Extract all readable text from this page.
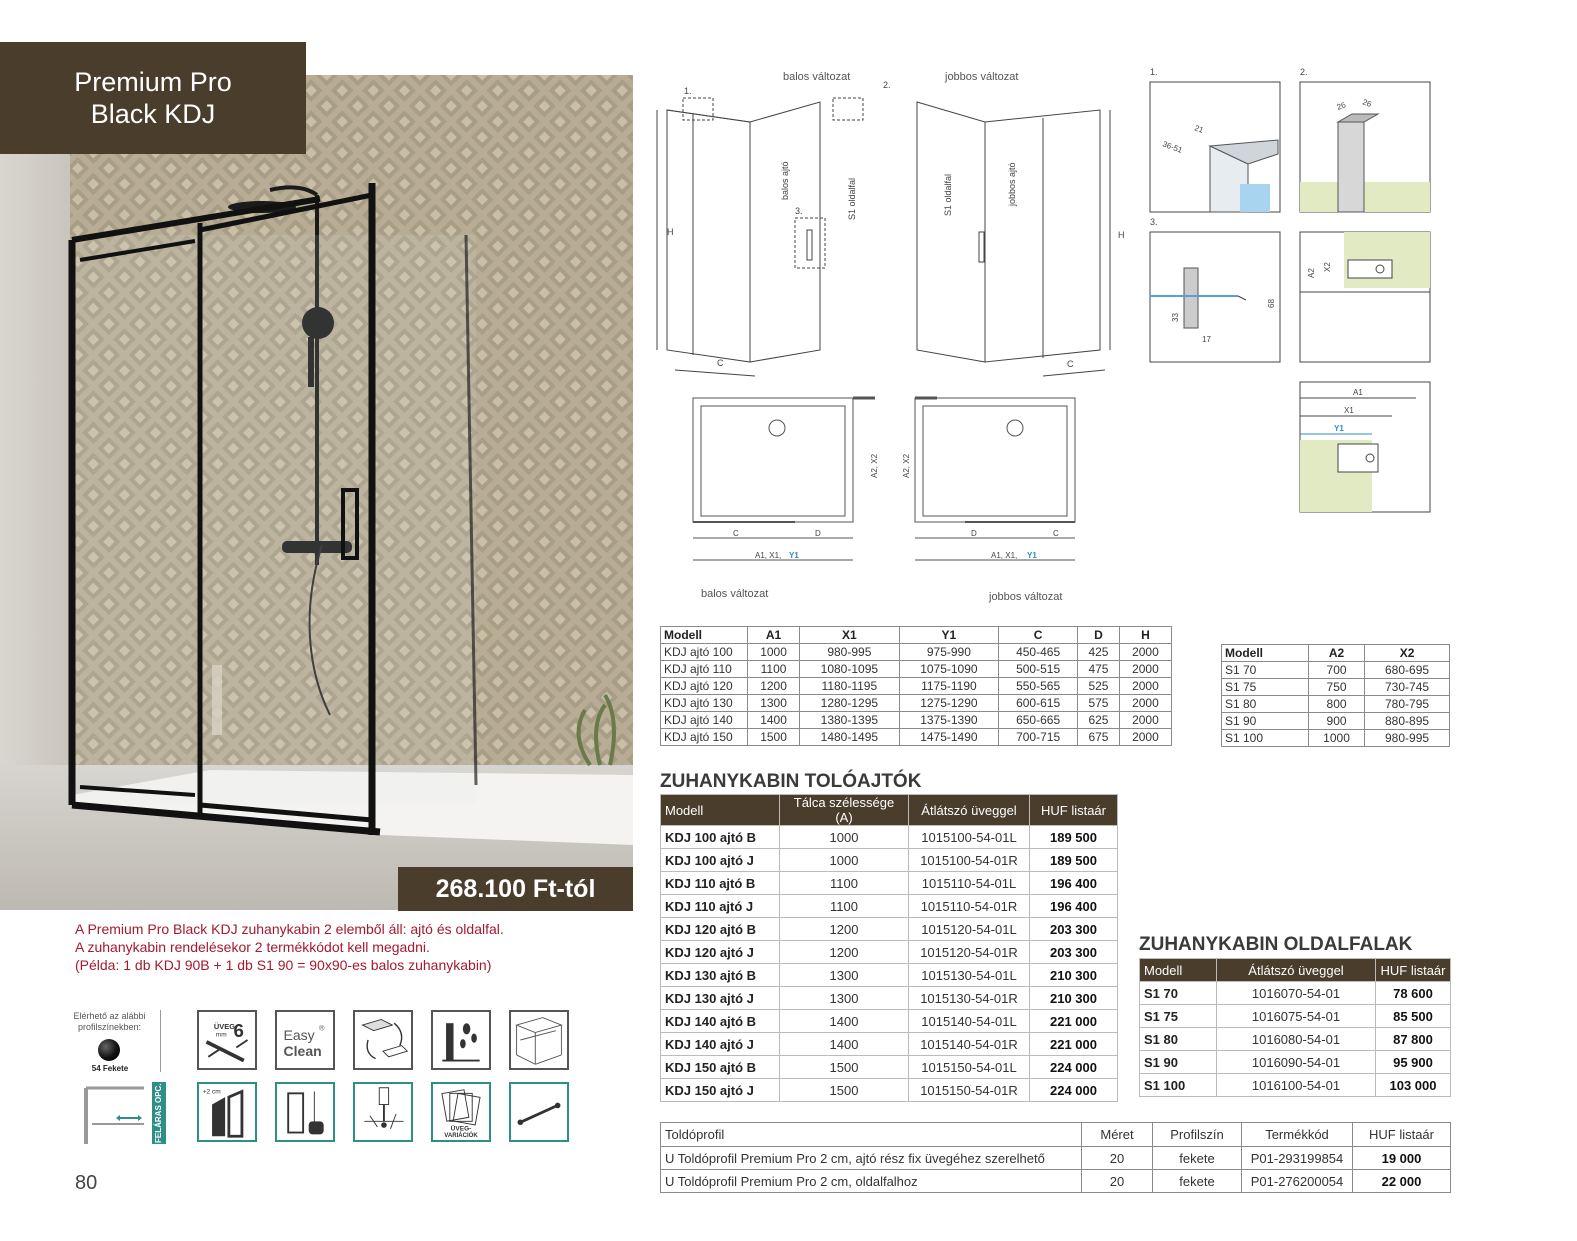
Premium Pro
Black KDJ
268.100 Ft-tól
A Premium Pro Black KDJ zuhanykabin 2 elemből áll: ajtó és oldalfal.
A zuhanykabin rendelésekor 2 termékkódot kell megadni.
(Példa: 1 db KDJ 90B + 1 db S1 90 = 90x90-es balos zuhanykabin)
Elérhető az alábbi profilszínekben:
54 Fekete
ÜVEG
mm 6	Easy
Clean
®
FELÁRAS OPC.	+2 cm
ÜVEG-
VARIÁCIÓK
80
balos változat	jobbos változat
1.
2.
3.
H	H
C	C
balos ajtó	S1 oldalfal	S1 oldalfal	jobbos ajtó
1.	2.
3.
36-51
21
26 26
33
68
17
A2
X2
A1
X1
Y1
A2, X2	A2, X2
C	D	D	C
A1, X1, Y1	A1, X1, Y1
balos változat	jobbos változat
Modell	A1	X1	Y1	C	D	H
KDJ ajtó 100	1000	980-995	975-990	450-465	425	2000
KDJ ajtó 110	1100	1080-1095	1075-1090	500-515	475	2000
KDJ ajtó 120	1200	1180-1195	1175-1190	550-565	525	2000
KDJ ajtó 130	1300	1280-1295	1275-1290	600-615	575	2000
KDJ ajtó 140	1400	1380-1395	1375-1390	650-665	625	2000
KDJ ajtó 150	1500	1480-1495	1475-1490	700-715	675	2000
Modell	A2	X2
S1 70	700	680-695
S1 75	750	730-745
S1 80	800	780-795
S1 90	900	880-895
S1 100	1000	980-995
ZUHANYKABIN TOLÓAJTÓK
Modell	Tálca szélessége (A)	Átlátszó üveggel	HUF listaár
KDJ 100 ajtó B	1000	1015100-54-01L	189 500
KDJ 100 ajtó J	1000	1015100-54-01R	189 500
KDJ 110 ajtó B	1100	1015110-54-01L	196 400
KDJ 110 ajtó J	1100	1015110-54-01R	196 400
KDJ 120 ajtó B	1200	1015120-54-01L	203 300
KDJ 120 ajtó J	1200	1015120-54-01R	203 300
KDJ 130 ajtó B	1300	1015130-54-01L	210 300
KDJ 130 ajtó J	1300	1015130-54-01R	210 300
KDJ 140 ajtó B	1400	1015140-54-01L	221 000
KDJ 140 ajtó J	1400	1015140-54-01R	221 000
KDJ 150 ajtó B	1500	1015150-54-01L	224 000
KDJ 150 ajtó J	1500	1015150-54-01R	224 000
ZUHANYKABIN OLDALFALAK
Modell	Átlátszó üveggel	HUF listaár
S1 70	1016070-54-01	78 600
S1 75	1016075-54-01	85 500
S1 80	1016080-54-01	87 800
S1 90	1016090-54-01	95 900
S1 100	1016100-54-01	103 000
Toldóprofil	Méret	Profilszín	Termékkód	HUF listaár
U Toldóprofil Premium Pro 2 cm, ajtó rész fix üvegéhez szerelhető	20	fekete	P01-293199854	19 000
U Toldóprofil Premium Pro 2 cm, oldalfalhoz	20	fekete	P01-276200054	22 000
